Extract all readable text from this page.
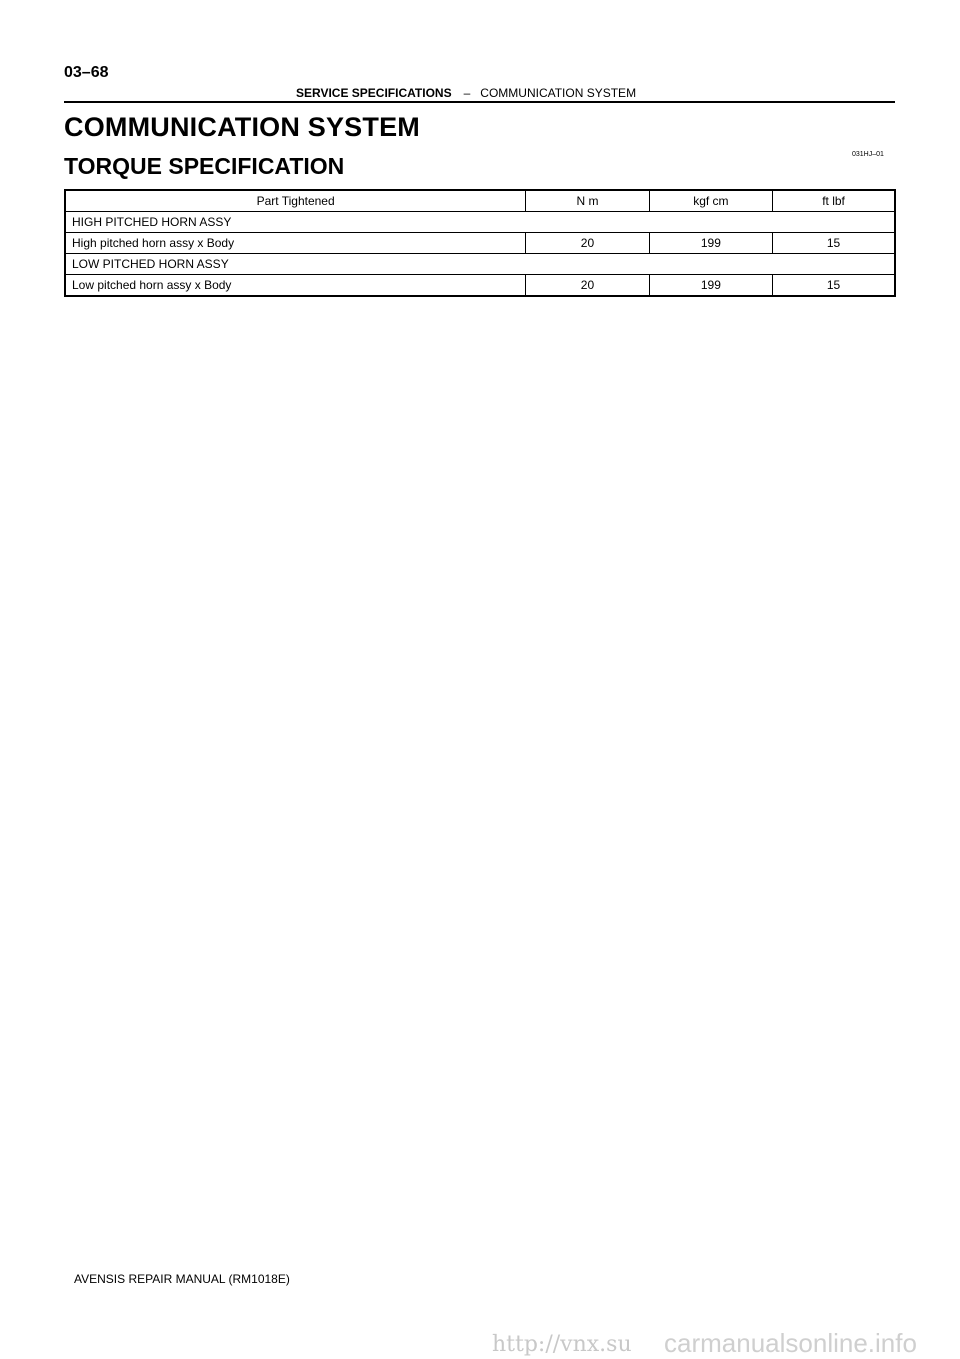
03–68
SERVICE SPECIFICATIONS – COMMUNICATION SYSTEM
COMMUNICATION SYSTEM
TORQUE SPECIFICATION	031HJ–01
Part Tightened	N m	kgf cm	ft lbf
HIGH PITCHED HORN ASSY			
High pitched horn assy x Body	20	199	15
LOW PITCHED HORN ASSY			
Low pitched horn assy x Body	20	199	15
AVENSIS REPAIR MANUAL (RM1018E)
http://vnx.su carmanualsonline.info
